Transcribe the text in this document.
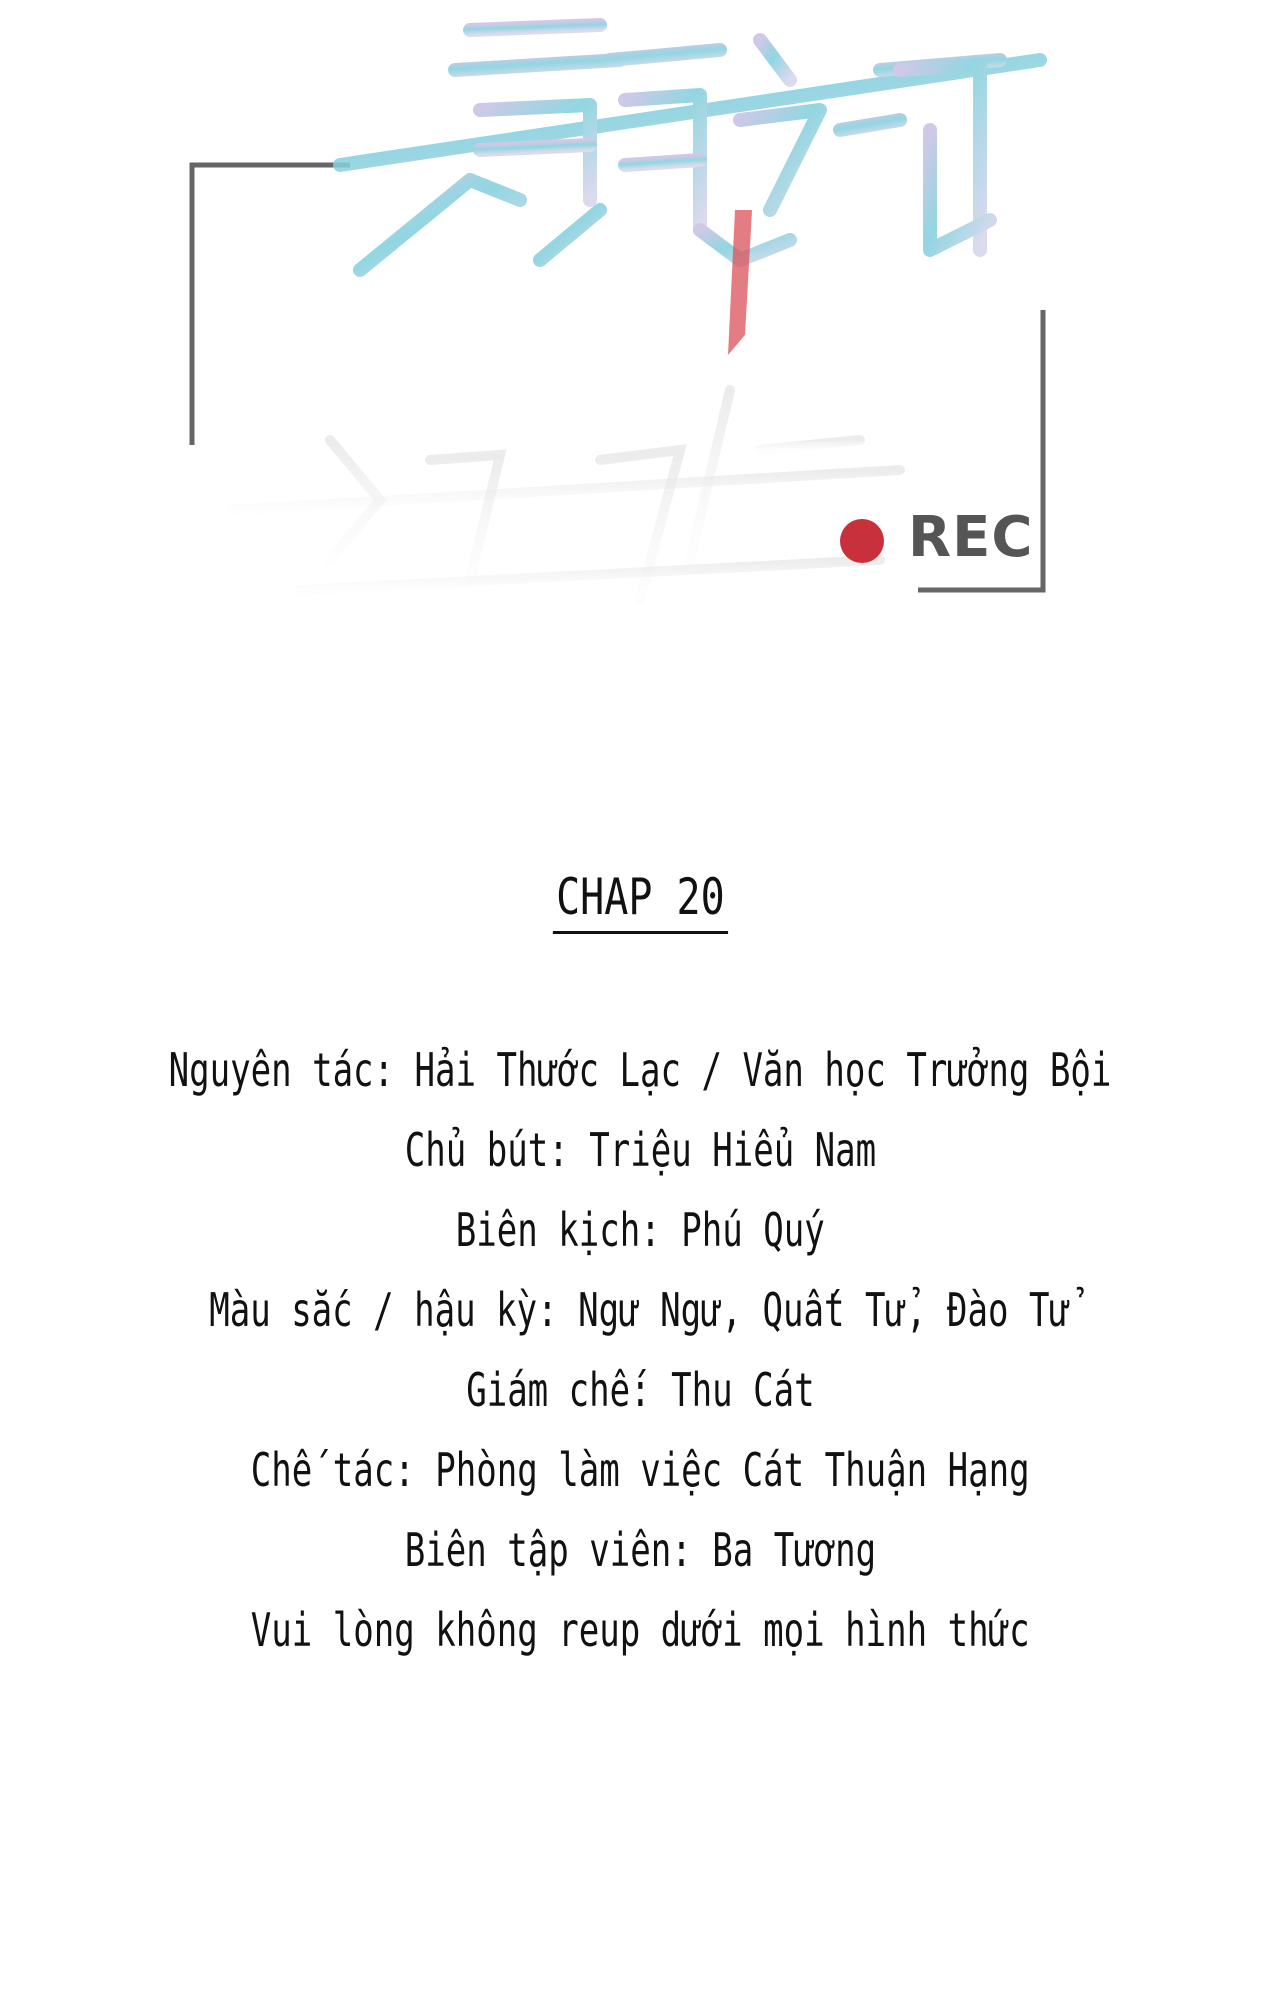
REC
CHAP 20
Nguyên tác: Hải Thước Lạc / Văn học Trưởng Bội
Chủ bút: Triệu Hiểu Nam
Biên kịch: Phú Quý
Màu sắc / hậu kỳ: Ngư Ngư, Quất Tử, Đào Tử
Giám chế: Thu Cát
Chế tác: Phòng làm việc Cát Thuận Hạng
Biên tập viên: Ba Tương
Vui lòng không reup dưới mọi hình thức
